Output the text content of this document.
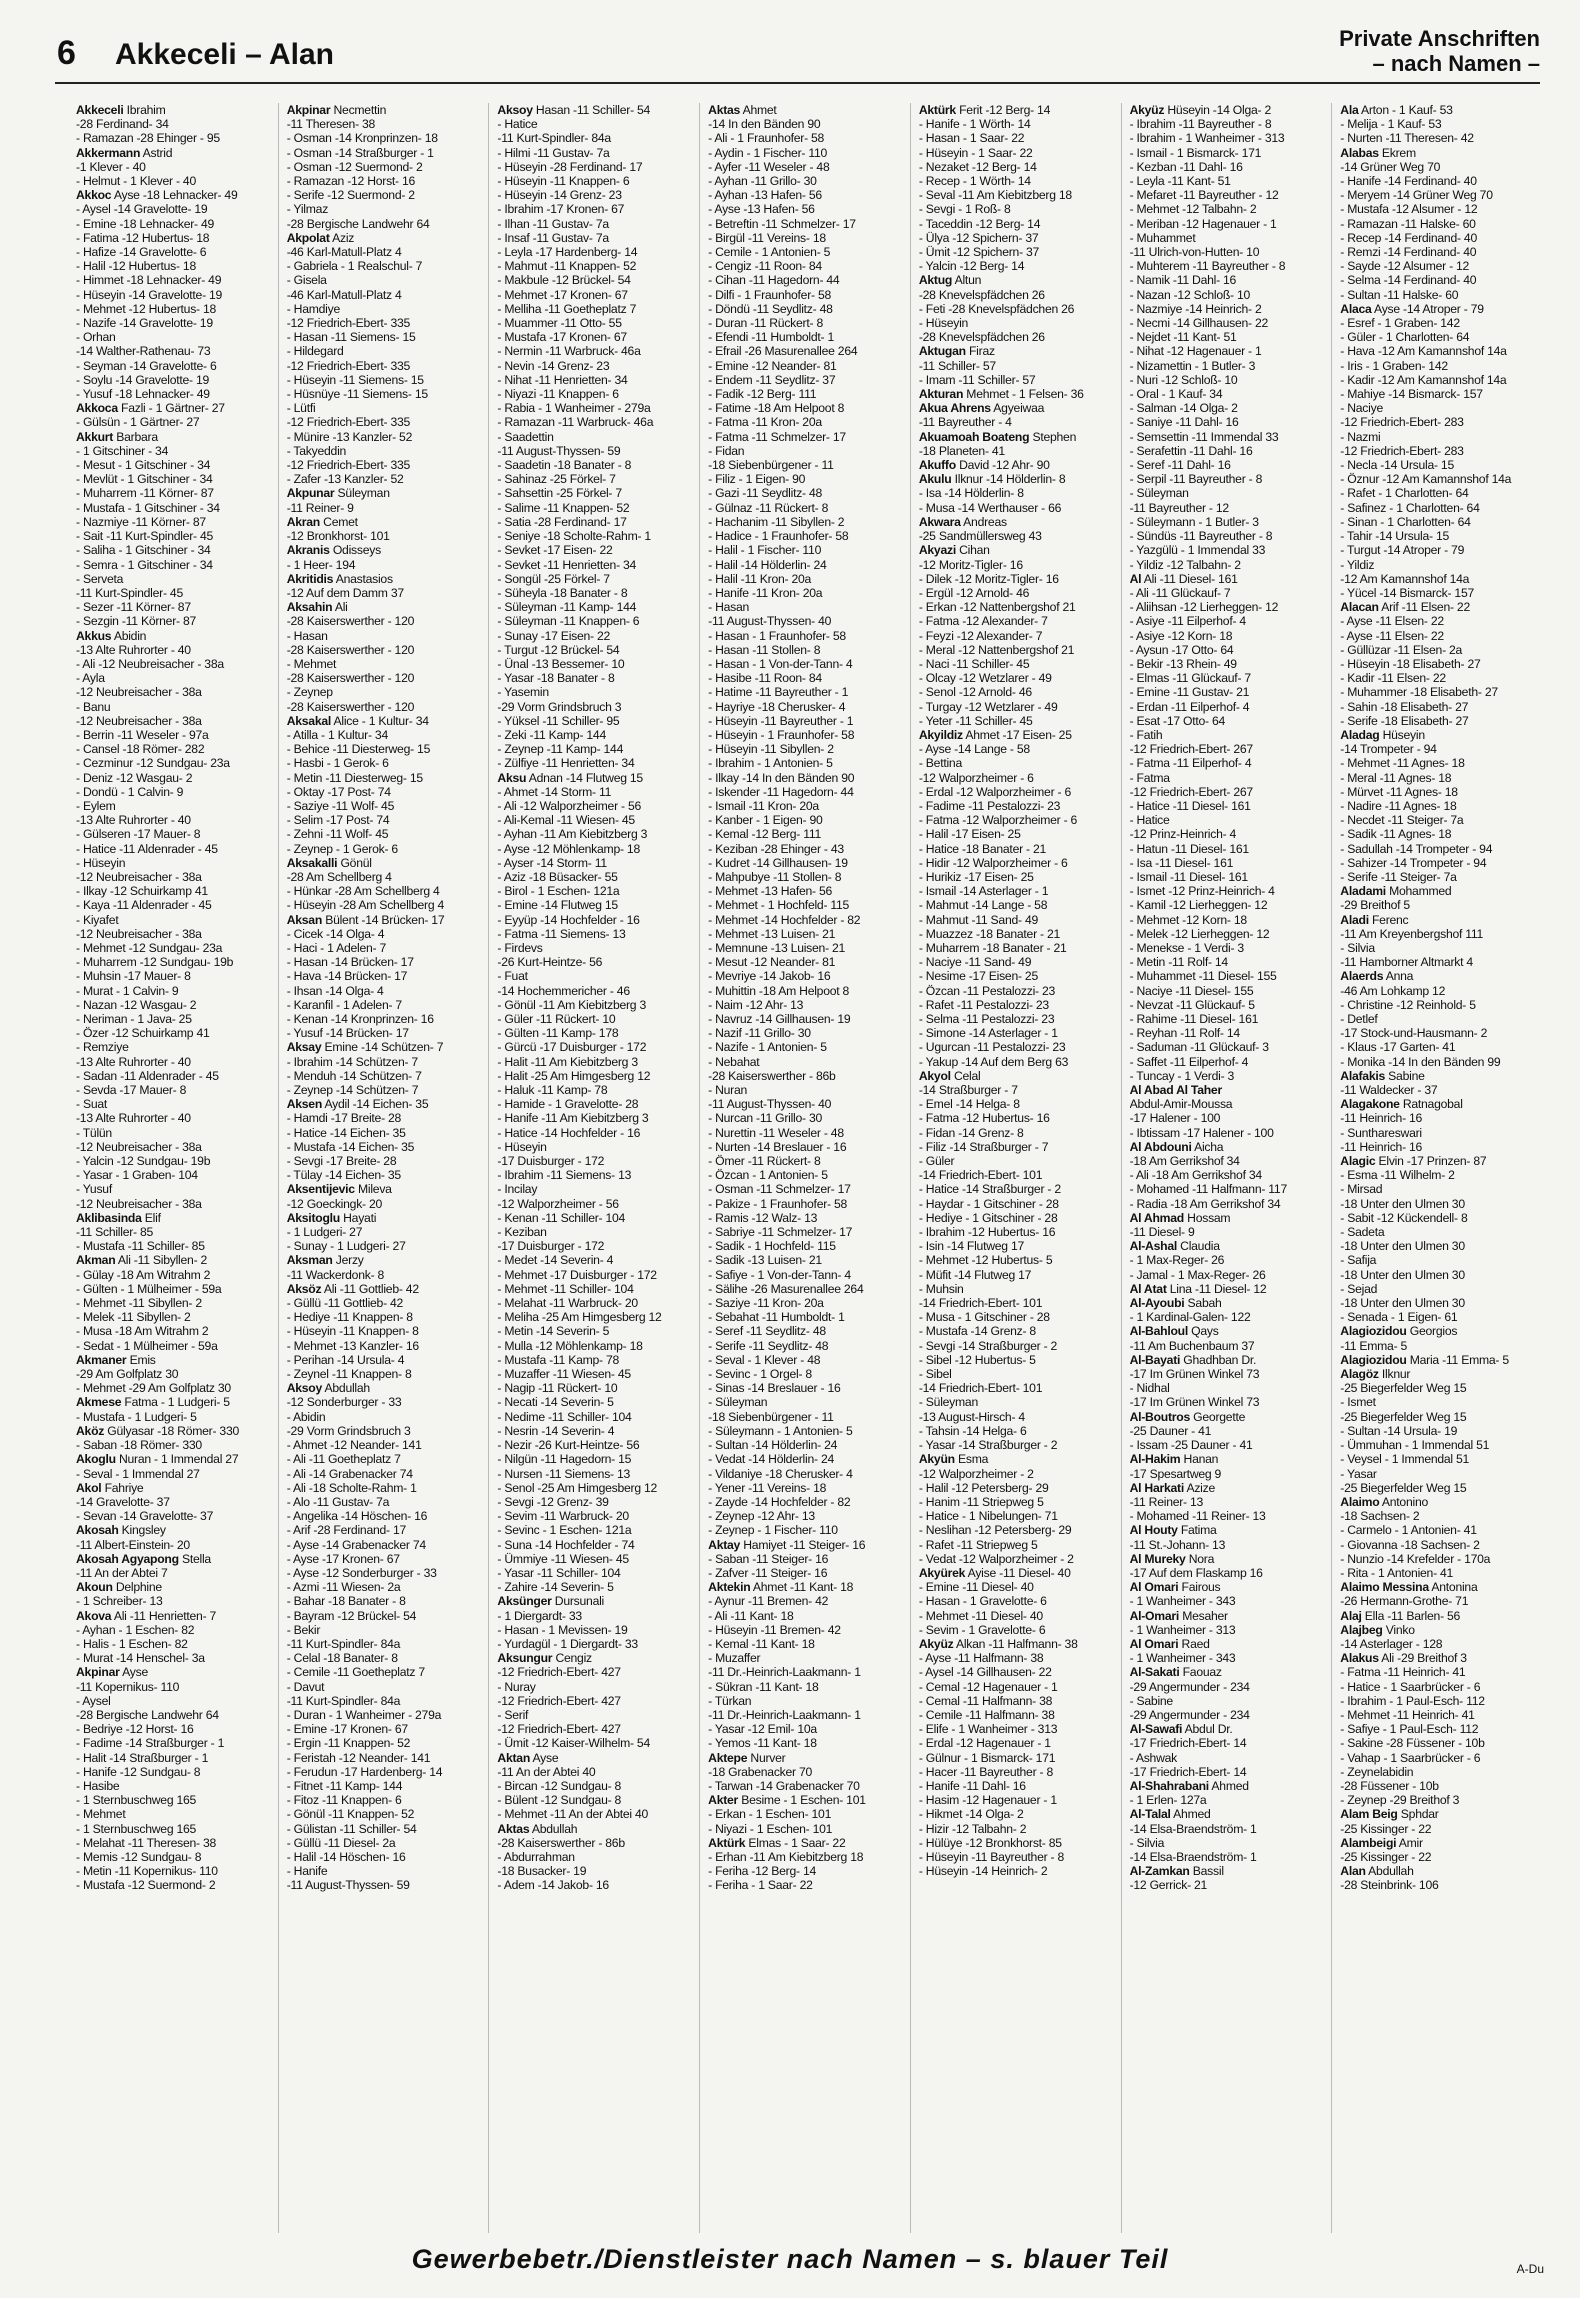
6 Akkeceli – Alan	Private Anschriften
– nach Namen –
Akkeceli Ibrahim
-28 Ferdinand- 34
- Ramazan -28 Ehinger - 95
Akkermann Astrid
-1 Klever - 40
- Helmut - 1 Klever - 40
Akkoc Ayse -18 Lehnacker- 49
- Aysel -14 Gravelotte- 19
- Emine -18 Lehnacker- 49
- Fatima -12 Hubertus- 18
- Hafize -14 Gravelotte- 6
- Halil -12 Hubertus- 18
- Himmet -18 Lehnacker- 49
- Hüseyin -14 Gravelotte- 19
- Mehmet -12 Hubertus- 18
- Nazife -14 Gravelotte- 19
- Orhan
-14 Walther-Rathenau- 73
- Seyman -14 Gravelotte- 6
- Soylu -14 Gravelotte- 19
- Yusuf -18 Lehnacker- 49
Akkoca Fazli - 1 Gärtner- 27
- Gülsün - 1 Gärtner- 27
Akkurt Barbara
- 1 Gitschiner - 34
- Mesut - 1 Gitschiner - 34
- Mevlüt - 1 Gitschiner - 34
- Muharrem -11 Körner- 87
- Mustafa - 1 Gitschiner - 34
- Nazmiye -11 Körner- 87
- Sait -11 Kurt-Spindler- 45
- Saliha - 1 Gitschiner - 34
- Semra - 1 Gitschiner - 34
- Serveta
-11 Kurt-Spindler- 45
- Sezer -11 Körner- 87
- Sezgin -11 Körner- 87
Akkus Abidin
-13 Alte Ruhrorter - 40
- Ali -12 Neubreisacher - 38a
- Ayla
-12 Neubreisacher - 38a
- Banu
-12 Neubreisacher - 38a
- Berrin -11 Weseler - 97a
- Cansel -18 Römer- 282
- Cezminur -12 Sundgau- 23a
- Deniz -12 Wasgau- 2
- Dondü - 1 Calvin- 9
- Eylem
-13 Alte Ruhrorter - 40
- Gülseren -17 Mauer- 8
- Hatice -11 Aldenrader - 45
- Hüseyin
-12 Neubreisacher - 38a
- Ilkay -12 Schuirkamp 41
- Kaya -11 Aldenrader - 45
- Kiyafet
-12 Neubreisacher - 38a
- Mehmet -12 Sundgau- 23a
- Muharrem -12 Sundgau- 19b
- Muhsin -17 Mauer- 8
- Murat - 1 Calvin- 9
- Nazan -12 Wasgau- 2
- Neriman - 1 Java- 25
- Özer -12 Schuirkamp 41
- Remziye
-13 Alte Ruhrorter - 40
- Sadan -11 Aldenrader - 45
- Sevda -17 Mauer- 8
- Suat
-13 Alte Ruhrorter - 40
- Tülün
-12 Neubreisacher - 38a
- Yalcin -12 Sundgau- 19b
- Yasar - 1 Graben- 104
- Yusuf
-12 Neubreisacher - 38a
Aklibasinda Elif
-11 Schiller- 85
- Mustafa -11 Schiller- 85
Akman Ali -11 Sibyllen- 2
- Gülay -18 Am Witrahm 2
- Gülten - 1 Mülheimer - 59a
- Mehmet -11 Sibyllen- 2
- Melek -11 Sibyllen- 2
- Musa -18 Am Witrahm 2
- Sedat - 1 Mülheimer - 59a
Akmaner Emis
-29 Am Golfplatz 30
- Mehmet -29 Am Golfplatz 30
Akmese Fatma - 1 Ludgeri- 5
- Mustafa - 1 Ludgeri- 5
Aköz Gülyasar -18 Römer- 330
- Saban -18 Römer- 330
Akoglu Nuran - 1 Immendal 27
- Seval - 1 Immendal 27
Akol Fahriye
-14 Gravelotte- 37
- Sevan -14 Gravelotte- 37
Akosah Kingsley
-11 Albert-Einstein- 20
Akosah Agyapong Stella
-11 An der Abtei 7
Akoun Delphine
- 1 Schreiber- 13
Akova Ali -11 Henrietten- 7
- Ayhan - 1 Eschen- 82
- Halis - 1 Eschen- 82
- Murat -14 Henschel- 3a
Akpinar Ayse
-11 Kopernikus- 110
- Aysel
-28 Bergische Landwehr 64
- Bedriye -12 Horst- 16
- Fadime -14 Straßburger - 1
- Halit -14 Straßburger - 1
- Hanife -12 Sundgau- 8
- Hasibe
- 1 Sternbuschweg 165
- Mehmet
- 1 Sternbuschweg 165
- Melahat -11 Theresen- 38
- Memis -12 Sundgau- 8
- Metin -11 Kopernikus- 110
- Mustafa -12 Suermond- 2
Akpinar Necmettin
-11 Theresen- 38
- Osman -14 Kronprinzen- 18
- Osman -14 Straßburger - 1
- Osman -12 Suermond- 2
- Ramazan -12 Horst- 16
- Serife -12 Suermond- 2
- Yilmaz
-28 Bergische Landwehr 64
Akpolat Aziz
-46 Karl-Matull-Platz 4
- Gabriela - 1 Realschul- 7
- Gisela
-46 Karl-Matull-Platz 4
- Hamdiye
-12 Friedrich-Ebert- 335
- Hasan -11 Siemens- 15
- Hildegard
-12 Friedrich-Ebert- 335
- Hüseyin -11 Siemens- 15
- Hüsnüye -11 Siemens- 15
- Lütfi
-12 Friedrich-Ebert- 335
- Münire -13 Kanzler- 52
- Takyeddin
-12 Friedrich-Ebert- 335
- Zafer -13 Kanzler- 52
Akpunar Süleyman
-11 Reiner- 9
Akran Cemet
-12 Bronkhorst- 101
Akranis Odisseys
- 1 Heer- 194
Akritidis Anastasios
-12 Auf dem Damm 37
Aksahin Ali
-28 Kaiserswerther - 120
- Hasan
-28 Kaiserswerther - 120
- Mehmet
-28 Kaiserswerther - 120
- Zeynep
-28 Kaiserswerther - 120
Aksakal Alice - 1 Kultur- 34
- Atilla - 1 Kultur- 34
- Behice -11 Diesterweg- 15
- Hasbi - 1 Gerok- 6
- Metin -11 Diesterweg- 15
- Oktay -17 Post- 74
- Saziye -11 Wolf- 45
- Selim -17 Post- 74
- Zehni -11 Wolf- 45
- Zeynep - 1 Gerok- 6
Aksakalli Gönül
-28 Am Schellberg 4
- Hünkar -28 Am Schellberg 4
- Hüseyin -28 Am Schellberg 4
Aksan Bülent -14 Brücken- 17
- Cicek -14 Olga- 4
- Haci - 1 Adelen- 7
- Hasan -14 Brücken- 17
- Hava -14 Brücken- 17
- Ihsan -14 Olga- 4
- Karanfil - 1 Adelen- 7
- Kenan -14 Kronprinzen- 16
- Yusuf -14 Brücken- 17
Aksay Emine -14 Schützen- 7
- Ibrahim -14 Schützen- 7
- Menduh -14 Schützen- 7
- Zeynep -14 Schützen- 7
Aksen Aydil -14 Eichen- 35
- Hamdi -17 Breite- 28
- Hatice -14 Eichen- 35
- Mustafa -14 Eichen- 35
- Sevgi -17 Breite- 28
- Tülay -14 Eichen- 35
Aksentijevic Mileva
-12 Goeckingk- 20
Aksitoglu Hayati
- 1 Ludgeri- 27
- Sunay - 1 Ludgeri- 27
Aksman Jerzy
-11 Wackerdonk- 8
Aksöz Ali -11 Gottlieb- 42
- Güllü -11 Gottlieb- 42
- Hediye -11 Knappen- 8
- Hüseyin -11 Knappen- 8
- Mehmet -13 Kanzler- 16
- Perihan -14 Ursula- 4
- Zeynel -11 Knappen- 8
Aksoy Abdullah
-12 Sonderburger - 33
- Abidin
-29 Vorm Grindsbruch 3
- Ahmet -12 Neander- 141
- Ali -11 Goetheplatz 7
- Ali -14 Grabenacker 74
- Ali -18 Scholte-Rahm- 1
- Alo -11 Gustav- 7a
- Angelika -14 Höschen- 16
- Arif -28 Ferdinand- 17
- Ayse -14 Grabenacker 74
- Ayse -17 Kronen- 67
- Ayse -12 Sonderburger - 33
- Azmi -11 Wiesen- 2a
- Bahar -18 Banater - 8
- Bayram -12 Brückel- 54
- Bekir
-11 Kurt-Spindler- 84a
- Celal -18 Banater- 8
- Cemile -11 Goetheplatz 7
- Davut
-11 Kurt-Spindler- 84a
- Duran - 1 Wanheimer - 279a
- Emine -17 Kronen- 67
- Ergin -11 Knappen- 52
- Feristah -12 Neander- 141
- Ferudun -17 Hardenberg- 14
- Fitnet -11 Kamp- 144
- Fitoz -11 Knappen- 6
- Gönül -11 Knappen- 52
- Gülistan -11 Schiller- 54
- Güllü -11 Diesel- 2a
- Halil -14 Höschen- 16
- Hanife
-11 August-Thyssen- 59
Aksoy Hasan -11 Schiller- 54
- Hatice
-11 Kurt-Spindler- 84a
- Hilmi -11 Gustav- 7a
- Hüseyin -28 Ferdinand- 17
- Hüseyin -11 Knappen- 6
- Hüseyin -14 Grenz- 23
- Ibrahim -17 Kronen- 67
- Ilhan -11 Gustav- 7a
- Insaf -11 Gustav- 7a
- Leyla -17 Hardenberg- 14
- Mahmut -11 Knappen- 52
- Makbule -12 Brückel- 54
- Mehmet -17 Kronen- 67
- Melliha -11 Goetheplatz 7
- Muammer -11 Otto- 55
- Mustafa -17 Kronen- 67
- Nermin -11 Warbruck- 46a
- Nevin -14 Grenz- 23
- Nihat -11 Henrietten- 34
- Niyazi -11 Knappen- 6
- Rabia - 1 Wanheimer - 279a
- Ramazan -11 Warbruck- 46a
- Saadettin
-11 August-Thyssen- 59
- Saadetin -18 Banater - 8
- Sahinaz -25 Förkel- 7
- Sahsettin -25 Förkel- 7
- Salime -11 Knappen- 52
- Satia -28 Ferdinand- 17
- Seniye -18 Scholte-Rahm- 1
- Sevket -17 Eisen- 22
- Sevket -11 Henrietten- 34
- Songül -25 Förkel- 7
- Süheyla -18 Banater - 8
- Süleyman -11 Kamp- 144
- Süleyman -11 Knappen- 6
- Sunay -17 Eisen- 22
- Turgut -12 Brückel- 54
- Ünal -13 Bessemer- 10
- Yasar -18 Banater - 8
- Yasemin
-29 Vorm Grindsbruch 3
- Yüksel -11 Schiller- 95
- Zeki -11 Kamp- 144
- Zeynep -11 Kamp- 144
- Zülfiye -11 Henrietten- 34
Aksu Adnan -14 Flutweg 15
- Ahmet -14 Storm- 11
- Ali -12 Walporzheimer - 56
- Ali-Kemal -11 Wiesen- 45
- Ayhan -11 Am Kiebitzberg 3
- Ayse -12 Möhlenkamp- 18
- Ayser -14 Storm- 11
- Aziz -18 Büsacker- 55
- Birol - 1 Eschen- 121a
- Emine -14 Flutweg 15
- Eyyüp -14 Hochfelder - 16
- Fatma -11 Siemens- 13
- Firdevs
-26 Kurt-Heintze- 56
- Fuat
-14 Hochemmericher - 46
- Gönül -11 Am Kiebitzberg 3
- Güler -11 Rückert- 10
- Gülten -11 Kamp- 178
- Gürcü -17 Duisburger - 172
- Halit -11 Am Kiebitzberg 3
- Halit -25 Am Himgesberg 12
- Haluk -11 Kamp- 78
- Hamide - 1 Gravelotte- 28
- Hanife -11 Am Kiebitzberg 3
- Hatice -14 Hochfelder - 16
- Hüseyin
-17 Duisburger - 172
- Ibrahim -11 Siemens- 13
- Incilay
-12 Walporzheimer - 56
- Kenan -11 Schiller- 104
- Keziban
-17 Duisburger - 172
- Medet -14 Severin- 4
- Mehmet -17 Duisburger - 172
- Mehmet -11 Schiller- 104
- Melahat -11 Warbruck- 20
- Meliha -25 Am Himgesberg 12
- Metin -14 Severin- 5
- Mulla -12 Möhlenkamp- 18
- Mustafa -11 Kamp- 78
- Muzaffer -11 Wiesen- 45
- Nagip -11 Rückert- 10
- Necati -14 Severin- 5
- Nedime -11 Schiller- 104
- Nesrin -14 Severin- 4
- Nezir -26 Kurt-Heintze- 56
- Nilgün -11 Hagedorn- 15
- Nursen -11 Siemens- 13
- Senol -25 Am Himgesberg 12
- Sevgi -12 Grenz- 39
- Sevim -11 Warbruck- 20
- Sevinc - 1 Eschen- 121a
- Suna -14 Hochfelder - 74
- Ümmiye -11 Wiesen- 45
- Yasar -11 Schiller- 104
- Zahire -14 Severin- 5
Aksünger Dursunali
- 1 Diergardt- 33
- Hasan - 1 Mevissen- 19
- Yurdagül - 1 Diergardt- 33
Aksungur Cengiz
-12 Friedrich-Ebert- 427
- Nuray
-12 Friedrich-Ebert- 427
- Serif
-12 Friedrich-Ebert- 427
- Ümit -12 Kaiser-Wilhelm- 54
Aktan Ayse
-11 An der Abtei 40
- Bircan -12 Sundgau- 8
- Bülent -12 Sundgau- 8
- Mehmet -11 An der Abtei 40
Aktas Abdullah
-28 Kaiserswerther - 86b
- Abdurrahman
-18 Busacker- 19
- Adem -14 Jakob- 16
Aktas Ahmet
-14 In den Bänden 90
- Ali - 1 Fraunhofer- 58
- Aydin - 1 Fischer- 110
- Ayfer -11 Weseler - 48
- Ayhan -11 Grillo- 30
- Ayhan -13 Hafen- 56
- Ayse -13 Hafen- 56
- Betreftin -11 Schmelzer- 17
- Birgül -11 Vereins- 18
- Cemile - 1 Antonien- 5
- Cengiz -11 Roon- 84
- Cihan -11 Hagedorn- 44
- Dilfi - 1 Fraunhofer- 58
- Döndü -11 Seydlitz- 48
- Duran -11 Rückert- 8
- Efendi -11 Humboldt- 1
- Efrail -26 Masurenallee 264
- Emine -12 Neander- 81
- Endem -11 Seydlitz- 37
- Fadik -12 Berg- 111
- Fatime -18 Am Helpoot 8
- Fatma -11 Kron- 20a
- Fatma -11 Schmelzer- 17
- Fidan
-18 Siebenbürgener - 11
- Filiz - 1 Eigen- 90
- Gazi -11 Seydlitz- 48
- Gülnaz -11 Rückert- 8
- Hachanim -11 Sibyllen- 2
- Hadice - 1 Fraunhofer- 58
- Halil - 1 Fischer- 110
- Halil -14 Hölderlin- 24
- Halil -11 Kron- 20a
- Hanife -11 Kron- 20a
- Hasan
-11 August-Thyssen- 40
- Hasan - 1 Fraunhofer- 58
- Hasan -11 Stollen- 8
- Hasan - 1 Von-der-Tann- 4
- Hasibe -11 Roon- 84
- Hatime -11 Bayreuther - 1
- Hayriye -18 Cherusker- 4
- Hüseyin -11 Bayreuther - 1
- Hüseyin - 1 Fraunhofer- 58
- Hüseyin -11 Sibyllen- 2
- Ibrahim - 1 Antonien- 5
- Ilkay -14 In den Bänden 90
- Iskender -11 Hagedorn- 44
- Ismail -11 Kron- 20a
- Kanber - 1 Eigen- 90
- Kemal -12 Berg- 111
- Keziban -28 Ehinger - 43
- Kudret -14 Gillhausen- 19
- Mahpubye -11 Stollen- 8
- Mehmet -13 Hafen- 56
- Mehmet - 1 Hochfeld- 115
- Mehmet -14 Hochfelder - 82
- Mehmet -13 Luisen- 21
- Memnune -13 Luisen- 21
- Mesut -12 Neander- 81
- Mevriye -14 Jakob- 16
- Muhittin -18 Am Helpoot 8
- Naim -12 Ahr- 13
- Navruz -14 Gillhausen- 19
- Nazif -11 Grillo- 30
- Nazife - 1 Antonien- 5
- Nebahat
-28 Kaiserswerther - 86b
- Nuran
-11 August-Thyssen- 40
- Nurcan -11 Grillo- 30
- Nurettin -11 Weseler - 48
- Nurten -14 Breslauer - 16
- Ömer -11 Rückert- 8
- Özcan - 1 Antonien- 5
- Osman -11 Schmelzer- 17
- Pakize - 1 Fraunhofer- 58
- Ramis -12 Walz- 13
- Sabriye -11 Schmelzer- 17
- Sadik - 1 Hochfeld- 115
- Sadik -13 Luisen- 21
- Safiye - 1 Von-der-Tann- 4
- Sälihe -26 Masurenallee 264
- Saziye -11 Kron- 20a
- Sebahat -11 Humboldt- 1
- Seref -11 Seydlitz- 48
- Serife -11 Seydlitz- 48
- Seval - 1 Klever - 48
- Sevinc - 1 Orgel- 8
- Sinas -14 Breslauer - 16
- Süleyman
-18 Siebenbürgener - 11
- Süleymann - 1 Antonien- 5
- Sultan -14 Hölderlin- 24
- Vedat -14 Hölderlin- 24
- Vildaniye -18 Cherusker- 4
- Yener -11 Vereins- 18
- Zayde -14 Hochfelder - 82
- Zeynep -12 Ahr- 13
- Zeynep - 1 Fischer- 110
Aktay Hamiyet -11 Steiger- 16
- Saban -11 Steiger- 16
- Zafver -11 Steiger- 16
Aktekin Ahmet -11 Kant- 18
- Aynur -11 Bremen- 42
- Ali -11 Kant- 18
- Hüseyin -11 Bremen- 42
- Kemal -11 Kant- 18
- Muzaffer
-11 Dr.-Heinrich-Laakmann- 1
- Sükran -11 Kant- 18
- Türkan
-11 Dr.-Heinrich-Laakmann- 1
- Yasar -12 Emil- 10a
- Yemos -11 Kant- 18
Aktepe Nurver
-18 Grabenacker 70
- Tarwan -14 Grabenacker 70
Akter Besime - 1 Eschen- 101
- Erkan - 1 Eschen- 101
- Niyazi - 1 Eschen- 101
Aktürk Elmas - 1 Saar- 22
- Erhan -11 Am Kiebitzberg 18
- Feriha -12 Berg- 14
- Feriha - 1 Saar- 22
Aktürk Ferit -12 Berg- 14
- Hanife - 1 Wörth- 14
- Hasan - 1 Saar- 22
- Hüseyin - 1 Saar- 22
- Nezaket -12 Berg- 14
- Recep - 1 Wörth- 14
- Seval -11 Am Kiebitzberg 18
- Sevgi - 1 Roß- 8
- Taceddin -12 Berg- 14
- Ülya -12 Spichern- 37
- Ümit -12 Spichern- 37
- Yalcin -12 Berg- 14
Aktug Altun
-28 Knevelspfädchen 26
- Feti -28 Knevelspfädchen 26
- Hüseyin
-28 Knevelspfädchen 26
Aktugan Firaz
-11 Schiller- 57
- Imam -11 Schiller- 57
Akturan Mehmet - 1 Felsen- 36
Akua Ahrens Agyeiwaa
-11 Bayreuther - 4
Akuamoah Boateng Stephen
-18 Planeten- 41
Akuffo David -12 Ahr- 90
Akulu Ilknur -14 Hölderlin- 8
- Isa -14 Hölderlin- 8
- Musa -14 Werthauser - 66
Akwara Andreas
-25 Sandmüllersweg 43
Akyazi Cihan
-12 Moritz-Tigler- 16
- Dilek -12 Moritz-Tigler- 16
- Ergül -12 Arnold- 46
- Erkan -12 Nattenbergshof 21
- Fatma -12 Alexander- 7
- Feyzi -12 Alexander- 7
- Meral -12 Nattenbergshof 21
- Naci -11 Schiller- 45
- Olcay -12 Wetzlarer - 49
- Senol -12 Arnold- 46
- Turgay -12 Wetzlarer - 49
- Yeter -11 Schiller- 45
Akyildiz Ahmet -17 Eisen- 25
- Ayse -14 Lange - 58
- Bettina
-12 Walporzheimer - 6
- Erdal -12 Walporzheimer - 6
- Fadime -11 Pestalozzi- 23
- Fatma -12 Walporzheimer - 6
- Halil -17 Eisen- 25
- Hatice -18 Banater - 21
- Hidir -12 Walporzheimer - 6
- Hurikiz -17 Eisen- 25
- Ismail -14 Asterlager - 1
- Mahmut -14 Lange - 58
- Mahmut -11 Sand- 49
- Muazzez -18 Banater - 21
- Muharrem -18 Banater - 21
- Naciye -11 Sand- 49
- Nesime -17 Eisen- 25
- Özcan -11 Pestalozzi- 23
- Rafet -11 Pestalozzi- 23
- Selma -11 Pestalozzi- 23
- Simone -14 Asterlager - 1
- Ugurcan -11 Pestalozzi- 23
- Yakup -14 Auf dem Berg 63
Akyol Celal
-14 Straßburger - 7
- Emel -14 Helga- 8
- Fatma -12 Hubertus- 16
- Fidan -14 Grenz- 8
- Filiz -14 Straßburger - 7
- Güler
-14 Friedrich-Ebert- 101
- Hatice -14 Straßburger - 2
- Haydar - 1 Gitschiner - 28
- Hediye - 1 Gitschiner - 28
- Ibrahim -12 Hubertus- 16
- Isin -14 Flutweg 17
- Mehmet -12 Hubertus- 5
- Müfit -14 Flutweg 17
- Muhsin
-14 Friedrich-Ebert- 101
- Musa - 1 Gitschiner - 28
- Mustafa -14 Grenz- 8
- Sevgi -14 Straßburger - 2
- Sibel -12 Hubertus- 5
- Sibel
-14 Friedrich-Ebert- 101
- Süleyman
-13 August-Hirsch- 4
- Tahsin -14 Helga- 6
- Yasar -14 Straßburger - 2
Akyün Esma
-12 Walporzheimer - 2
- Halil -12 Petersberg- 29
- Hanim -11 Striepweg 5
- Hatice - 1 Nibelungen- 71
- Neslihan -12 Petersberg- 29
- Rafet -11 Striepweg 5
- Vedat -12 Walporzheimer - 2
Akyürek Ayise -11 Diesel- 40
- Emine -11 Diesel- 40
- Hasan - 1 Gravelotte- 6
- Mehmet -11 Diesel- 40
- Sevim - 1 Gravelotte- 6
Akyüz Alkan -11 Halfmann- 38
- Ayse -11 Halfmann- 38
- Aysel -14 Gillhausen- 22
- Cemal -12 Hagenauer - 1
- Cemal -11 Halfmann- 38
- Cemile -11 Halfmann- 38
- Elife - 1 Wanheimer - 313
- Erdal -12 Hagenauer - 1
- Gülnur - 1 Bismarck- 171
- Hacer -11 Bayreuther - 8
- Hanife -11 Dahl- 16
- Hasim -12 Hagenauer - 1
- Hikmet -14 Olga- 2
- Hizir -12 Talbahn- 2
- Hülüye -12 Bronkhorst- 85
- Hüseyin -11 Bayreuther - 8
- Hüseyin -14 Heinrich- 2
Akyüz Hüseyin -14 Olga- 2
- Ibrahim -11 Bayreuther - 8
- Ibrahim - 1 Wanheimer - 313
- Ismail - 1 Bismarck- 171
- Kezban -11 Dahl- 16
- Leyla -11 Kant- 51
- Mefaret -11 Bayreuther - 12
- Mehmet -12 Talbahn- 2
- Meriban -12 Hagenauer - 1
- Muhammet
-11 Ulrich-von-Hutten- 10
- Muhterem -11 Bayreuther - 8
- Namik -11 Dahl- 16
- Nazan -12 Schloß- 10
- Nazmiye -14 Heinrich- 2
- Necmi -14 Gillhausen- 22
- Nejdet -11 Kant- 51
- Nihat -12 Hagenauer - 1
- Nizamettin - 1 Butler- 3
- Nuri -12 Schloß- 10
- Oral - 1 Kauf- 34
- Salman -14 Olga- 2
- Saniye -11 Dahl- 16
- Semsettin -11 Immendal 33
- Serafettin -11 Dahl- 16
- Seref -11 Dahl- 16
- Serpil -11 Bayreuther - 8
- Süleyman
-11 Bayreuther - 12
- Süleymann - 1 Butler- 3
- Sündüs -11 Bayreuther - 8
- Yazgülü - 1 Immendal 33
- Yildiz -12 Talbahn- 2
Al Ali -11 Diesel- 161
- Ali -11 Glückauf- 7
- Aliihsan -12 Lierheggen- 12
- Asiye -11 Eilperhof- 4
- Asiye -12 Korn- 18
- Aysun -17 Otto- 64
- Bekir -13 Rhein- 49
- Elmas -11 Glückauf- 7
- Emine -11 Gustav- 21
- Erdan -11 Eilperhof- 4
- Esat -17 Otto- 64
- Fatih
-12 Friedrich-Ebert- 267
- Fatma -11 Eilperhof- 4
- Fatma
-12 Friedrich-Ebert- 267
- Hatice -11 Diesel- 161
- Hatice
-12 Prinz-Heinrich- 4
- Hatun -11 Diesel- 161
- Isa -11 Diesel- 161
- Ismail -11 Diesel- 161
- Ismet -12 Prinz-Heinrich- 4
- Kamil -12 Lierheggen- 12
- Mehmet -12 Korn- 18
- Melek -12 Lierheggen- 12
- Menekse - 1 Verdi- 3
- Metin -11 Rolf- 14
- Muhammet -11 Diesel- 155
- Naciye -11 Diesel- 155
- Nevzat -11 Glückauf- 5
- Rahime -11 Diesel- 161
- Reyhan -11 Rolf- 14
- Saduman -11 Glückauf- 3
- Saffet -11 Eilperhof- 4
- Tuncay - 1 Verdi- 3
Al Abad Al Taher
Abdul-Amir-Moussa
-17 Halener - 100
- Ibtissam -17 Halener - 100
Al Abdouni Aicha
-18 Am Gerrikshof 34
- Ali -18 Am Gerrikshof 34
- Mohamed -11 Halfmann- 117
- Radia -18 Am Gerrikshof 34
Al Ahmad Hossam
-11 Diesel- 9
Al-Ashal Claudia
- 1 Max-Reger- 26
- Jamal - 1 Max-Reger- 26
Al Atat Lina -11 Diesel- 12
Al-Ayoubi Sabah
- 1 Kardinal-Galen- 122
Al-Bahloul Qays
-11 Am Buchenbaum 37
Al-Bayati Ghadhban Dr.
-17 Im Grünen Winkel 73
- Nidhal
-17 Im Grünen Winkel 73
Al-Boutros Georgette
-25 Dauner - 41
- Issam -25 Dauner - 41
Al-Hakim Hanan
-17 Spesartweg 9
Al Harkati Azize
-11 Reiner- 13
- Mohamed -11 Reiner- 13
Al Houty Fatima
-11 St.-Johann- 13
Al Mureky Nora
-17 Auf dem Flaskamp 16
Al Omari Fairous
- 1 Wanheimer - 343
Al-Omari Mesaher
- 1 Wanheimer - 313
Al Omari Raed
- 1 Wanheimer - 343
Al-Sakati Faouaz
-29 Angermunder - 234
- Sabine
-29 Angermunder - 234
Al-Sawafi Abdul Dr.
-17 Friedrich-Ebert- 14
- Ashwak
-17 Friedrich-Ebert- 14
Al-Shahrabani Ahmed
- 1 Erlen- 127a
Al-Talal Ahmed
-14 Elsa-Braendström- 1
- Silvia
-14 Elsa-Braendström- 1
Al-Zamkan Bassil
-12 Gerrick- 21
Ala Arton - 1 Kauf- 53
- Melija - 1 Kauf- 53
- Nurten -11 Theresen- 42
Alabas Ekrem
-14 Grüner Weg 70
- Hanife -14 Ferdinand- 40
- Meryem -14 Grüner Weg 70
- Mustafa -12 Alsumer - 12
- Ramazan -11 Halske- 60
- Recep -14 Ferdinand- 40
- Remzi -14 Ferdinand- 40
- Sayde -12 Alsumer - 12
- Selma -14 Ferdinand- 40
- Sultan -11 Halske- 60
Alaca Ayse -14 Atroper - 79
- Esref - 1 Graben- 142
- Güler - 1 Charlotten- 64
- Hava -12 Am Kamannshof 14a
- Iris - 1 Graben- 142
- Kadir -12 Am Kamannshof 14a
- Mahiye -14 Bismarck- 157
- Naciye
-12 Friedrich-Ebert- 283
- Nazmi
-12 Friedrich-Ebert- 283
- Necla -14 Ursula- 15
- Öznur -12 Am Kamannshof 14a
- Rafet - 1 Charlotten- 64
- Safinez - 1 Charlotten- 64
- Sinan - 1 Charlotten- 64
- Tahir -14 Ursula- 15
- Turgut -14 Atroper - 79
- Yildiz
-12 Am Kamannshof 14a
- Yücel -14 Bismarck- 157
Alacan Arif -11 Elsen- 22
- Ayse -11 Elsen- 22
- Ayse -11 Elsen- 22
- Güllüzar -11 Elsen- 2a
- Hüseyin -18 Elisabeth- 27
- Kadir -11 Elsen- 22
- Muhammer -18 Elisabeth- 27
- Sahin -18 Elisabeth- 27
- Serife -18 Elisabeth- 27
Aladag Hüseyin
-14 Trompeter - 94
- Mehmet -11 Agnes- 18
- Meral -11 Agnes- 18
- Mürvet -11 Agnes- 18
- Nadire -11 Agnes- 18
- Necdet -11 Steiger- 7a
- Sadik -11 Agnes- 18
- Sadullah -14 Trompeter - 94
- Sahizer -14 Trompeter - 94
- Serife -11 Steiger- 7a
Aladami Mohammed
-29 Breithof 5
Aladi Ferenc
-11 Am Kreyenbergshof 111
- Silvia
-11 Hamborner Altmarkt 4
Alaerds Anna
-46 Am Lohkamp 12
- Christine -12 Reinhold- 5
- Detlef
-17 Stock-und-Hausmann- 2
- Klaus -17 Garten- 41
- Monika -14 In den Bänden 99
Alafakis Sabine
-11 Waldecker - 37
Alagakone Ratnagobal
-11 Heinrich- 16
- Sunthareswari
-11 Heinrich- 16
Alagic Elvin -17 Prinzen- 87
- Esma -11 Wilhelm- 2
- Mirsad
-18 Unter den Ulmen 30
- Sabit -12 Kückendell- 8
- Sadeta
-18 Unter den Ulmen 30
- Safija
-18 Unter den Ulmen 30
- Sejad
-18 Unter den Ulmen 30
- Senada - 1 Eigen- 61
Alagiozidou Georgios
-11 Emma- 5
Alagiozidou Maria -11 Emma- 5
Alagöz Ilknur
-25 Biegerfelder Weg 15
- Ismet
-25 Biegerfelder Weg 15
- Sultan -14 Ursula- 19
- Ümmuhan - 1 Immendal 51
- Veysel - 1 Immendal 51
- Yasar
-25 Biegerfelder Weg 15
Alaimo Antonino
-18 Sachsen- 2
- Carmelo - 1 Antonien- 41
- Giovanna -18 Sachsen- 2
- Nunzio -14 Krefelder - 170a
- Rita - 1 Antonien- 41
Alaimo Messina Antonina
-26 Hermann-Grothe- 71
Alaj Ella -11 Barlen- 56
Alajbeg Vinko
-14 Asterlager - 128
Alakus Ali -29 Breithof 3
- Fatma -11 Heinrich- 41
- Hatice - 1 Saarbrücker - 6
- Ibrahim - 1 Paul-Esch- 112
- Mehmet -11 Heinrich- 41
- Safiye - 1 Paul-Esch- 112
- Sakine -28 Füssener - 10b
- Vahap - 1 Saarbrücker - 6
- Zeynelabidin
-28 Füssener - 10b
- Zeynep -29 Breithof 3
Alam Beig Sphdar
-25 Kissinger - 22
Alambeigi Amir
-25 Kissinger - 22
Alan Abdullah
-28 Steinbrink- 106
Gewerbebetr./Dienstleister nach Namen – s. blauer Teil	A-Du
